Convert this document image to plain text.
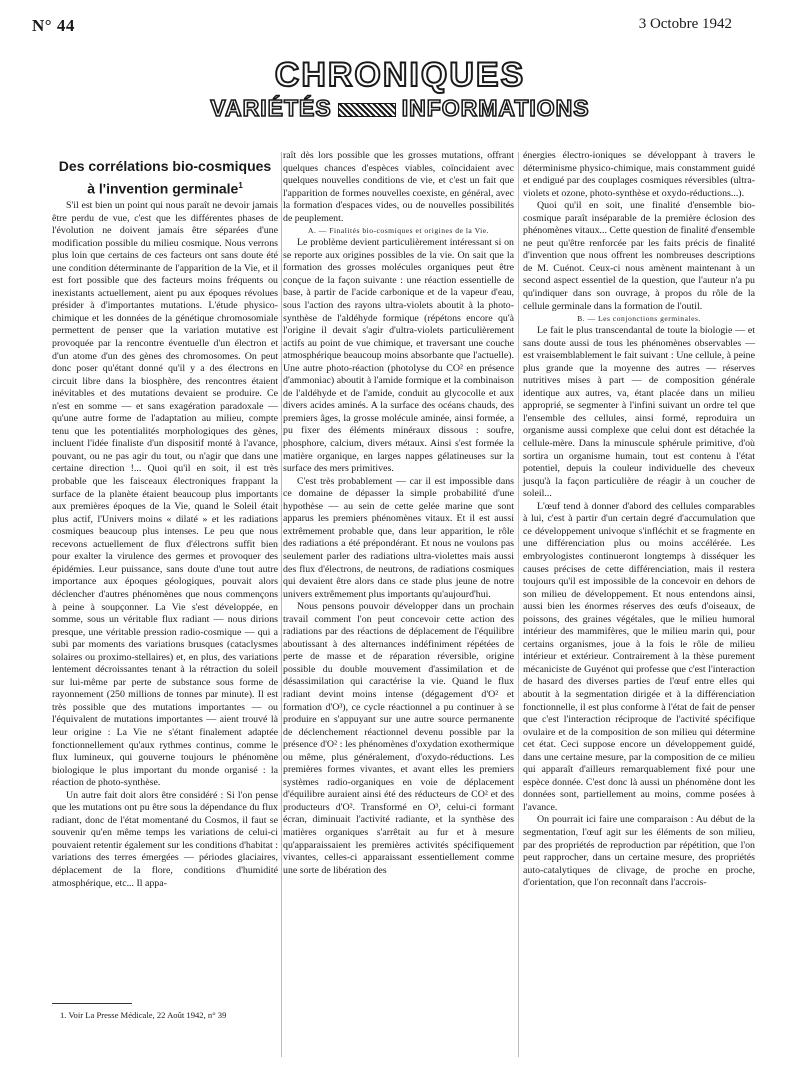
N° 44	3 Octobre 1942
CHRONIQUES
VARIÉTÉS	INFORMATIONS
Des corrélations bio-cosmiques
à l'invention germinale$^1$

S'il est bien un point qui nous paraît ne devoir jamais être perdu de vue, c'est que les différentes phases de l'évolution ne doivent jamais être séparées d'une modification possible du milieu cosmique. Nous verrons plus loin que certains de ces facteurs ont sans doute été une condition déterminante de l'apparition de la Vie, et il est fort possible que des facteurs moins fréquents ou inexistants actuellement, aient pu aux époques révolues présider à d'importantes mutations. L'étude physico-chimique et les données de la génétique chromosomiale permettent de penser que la variation mutative est provoquée par la rencontre éventuelle d'un électron et d'un atome d'un des gènes des chromosomes. On peut donc poser qu'étant donné qu'il y a des électrons en circuit libre dans la biosphère, des rencontres étaient inévitables et des mutations devaient se produire. Ce n'est en somme — et sans exagération paradoxale — qu'une autre forme de l'adaptation au milieu, compte tenu que les potentialités morphologiques des gènes, incluent l'idée finaliste d'un dispositif monté à l'avance, pouvant, ou ne pas agir du tout, ou n'agir que dans une certaine direction !... Quoi qu'il en soit, il est très probable que les faisceaux électroniques frappant la surface de la planète étaient beaucoup plus importants aux premières époques de la Vie, quand le Soleil était plus actif, l'Univers moins « dilaté » et les radiations cosmiques beaucoup plus intenses. Le peu que nous recevons actuellement de flux d'électrons suffit bien pour exalter la virulence des germes et provoquer des épidémies. Leur puissance, sans doute d'une tout autre importance aux époques géologiques, pouvait alors déclencher d'autres phénomènes que nous commençons à peine à soupçonner. La Vie s'est développée, en somme, sous un véritable flux radiant — nous dirions presque, une véritable pression radio-cosmique — qui a subi par moments des variations brusques (cataclysmes solaires ou proximo-stellaires) et, en plus, des variations lentement décroissantes tenant à la rétraction du soleil sur lui-même par perte de substance sous forme de rayonnement (250 millions de tonnes par minute). Il est très possible que des mutations importantes — ou l'équivalent de mutations importantes — aient trouvé là leur origine : La Vie ne s'étant finalement adaptée fonctionnellement qu'aux rythmes continus, comme le flux lumineux, qui gouverne toujours le phénomène biologique le plus important du monde organisé : la réaction de photo-synthèse.

Un autre fait doit alors être considéré : Si l'on pense que les mutations ont pu être sous la dépendance du flux radiant, donc de l'état momentané du Cosmos, il faut se souvenir qu'en même temps les variations de celui-ci pouvaient retentir également sur les conditions d'habitat : variations des terres émergées — périodes glaciaires, déplacement de la flore, conditions d'humidité atmosphérique, etc... Il appa-

1. Voir La Presse Médicale, 22 Août 1942, n° 39

raît dès lors possible que les grosses mutations, offrant quelques chances d'espèces viables, coïncidaient avec quelques nouvelles conditions de vie, et c'est un fait que l'apparition de formes nouvelles coexiste, en général, avec la formation d'espaces vides, ou de nouvelles possibilités de peuplement.

A. — Finalités bio-cosmiques et origines de la Vie.

Le problème devient particulièrement intéressant si on se reporte aux origines possibles de la vie. On sait que la formation des grosses molécules organiques peut être conçue de la façon suivante : une réaction essentielle de base, à partir de l'acide carbonique et de la vapeur d'eau, sous l'action des rayons ultra-violets aboutit à la photo-synthèse de l'aldéhyde formique (répétons encore qu'à l'origine il devait s'agir d'ultra-violets particulièrement actifs au point de vue chimique, et traversant une couche atmosphérique beaucoup moins absorbante que l'actuelle). Une autre photo-réaction (photolyse du CO² en présence d'ammoniac) aboutit à l'amide formique et la combinaison de l'aldéhyde et de l'amide, conduit au glycocolle et aux divers acides aminés. A la surface des océans chauds, des premiers âges, la grosse molécule aminée, ainsi formée, a pu fixer des éléments minéraux dissous : soufre, phosphore, calcium, divers métaux. Ainsi s'est formée la matière organique, en larges nappes gélatineuses sur la surface des mers primitives.

C'est très probablement — car il est impossible dans ce domaine de dépasser la simple probabilité d'une hypothèse — au sein de cette gelée marine que sont apparus les premiers phénomènes vitaux. Et il est aussi extrêmement probable que, dans leur apparition, le rôle des radiations a été prépondérant. Et nous ne voulons pas seulement parler des radiations ultra-violettes mais aussi des flux d'électrons, de neutrons, de radiations cosmiques qui devaient être alors dans ce stade plus jeune de notre univers extrêmement plus importants qu'aujourd'hui.

Nous pensons pouvoir développer dans un prochain travail comment l'on peut concevoir cette action des radiations par des réactions de déplacement de l'équilibre aboutissant à des alternances indéfiniment répétées de perte de masse et de réparation réversible, origine possible du double mouvement d'assimilation et de désassimilation qui caractérise la vie. Quand le flux radiant devint moins intense (dégagement d'O² et formation d'O³), ce cycle réactionnel a pu continuer à se produire en s'appuyant sur une autre source permanente de déclenchement réactionnel devenu possible par la présence d'O² : les phénomènes d'oxydation exothermique ou même, plus généralement, d'oxydo-réductions. Les premières formes vivantes, et avant elles les premiers systèmes radio-organiques en voie de déplacement d'équilibre auraient ainsi été des réducteurs de CO² et des producteurs d'O². Transformé en O³, celui-ci formant écran, diminuait l'activité radiante, et la synthèse des matières organiques s'arrêtait au fur et à mesure qu'apparaissaient les premières activités spécifiquement vivantes, celles-ci apparaissant essentiellement comme une sorte de libération des

énergies électro-ioniques se développant à travers le déterminisme physico-chimique, mais constamment guidé et endigué par des couplages cosmiques réversibles (ultra-violets et ozone, photo-synthèse et oxydo-réductions...).

Quoi qu'il en soit, une finalité d'ensemble bio-cosmique paraît inséparable de la première éclosion des phénomènes vitaux... Cette question de finalité d'ensemble ne peut qu'être renforcée par les faits précis de finalité d'invention que nous offrent les nombreuses descriptions de M. Cuénot. Ceux-ci nous amènent maintenant à un second aspect essentiel de la question, que l'auteur n'a pu qu'indiquer dans son ouvrage, à propos du rôle de la cellule germinale dans la formation de l'outil.

B. — Les conjonctions germinales.

Le fait le plus transcendantal de toute la biologie — et sans doute aussi de tous les phénomènes observables — est vraisemblablement le fait suivant : Une cellule, à peine plus grande que la moyenne des autres — réserves nutritives mises à part — de composition générale identique aux autres, va, étant placée dans un milieu approprié, se segmenter à l'infini suivant un ordre tel que l'ensemble des cellules, ainsi formé, reproduira un organisme aussi complexe que celui dont est détachée la cellule-mère. Dans la minuscule sphérule primitive, d'où sortira un organisme humain, tout est contenu à l'état potentiel, depuis la couleur individuelle des cheveux jusqu'à la façon particulière de réagir à un coucher de soleil...

L'œuf tend à donner d'abord des cellules comparables à lui, c'est à partir d'un certain degré d'accumulation que ce développement univoque s'infléchit et se fragmente en une différenciation plus ou moins accélérée. Les embryologistes continueront longtemps à disséquer les causes précises de cette différenciation, mais il restera toujours qu'il est impossible de la concevoir en dehors de son milieu de développement. Et nous entendons ainsi, aussi bien les énormes réserves des œufs d'oiseaux, de poissons, des graines végétales, que le milieu humoral intérieur des mammifères, que le milieu marin qui, pour certains organismes, joue à la fois le rôle de milieu intérieur et extérieur. Contrairement à la thèse purement mécaniciste de Guyénot qui professe que c'est l'interaction de hasard des diverses parties de l'œuf entre elles qui aboutit à la segmentation dirigée et à la différenciation fonctionnelle, il est plus conforme à l'état de fait de penser que c'est l'interaction réciproque de l'activité spécifique ovulaire et de la composition de son milieu qui détermine cet état. Ceci suppose encore un développement guidé, dans une certaine mesure, par la composition de ce milieu qui apparaît d'ailleurs remarquablement fixé pour une espèce donnée. C'est donc là aussi un phénomène dont les données sont, partiellement au moins, comme posées à l'avance.

On pourrait ici faire une comparaison : Au début de la segmentation, l'œuf agit sur les éléments de son milieu, par des propriétés de reproduction par répétition, que l'on peut rapprocher, dans un certaine mesure, des propriétés auto-catalytiques de clivage, de proche en proche, d'orientation, que l'on reconnaît dans l'accrois-
